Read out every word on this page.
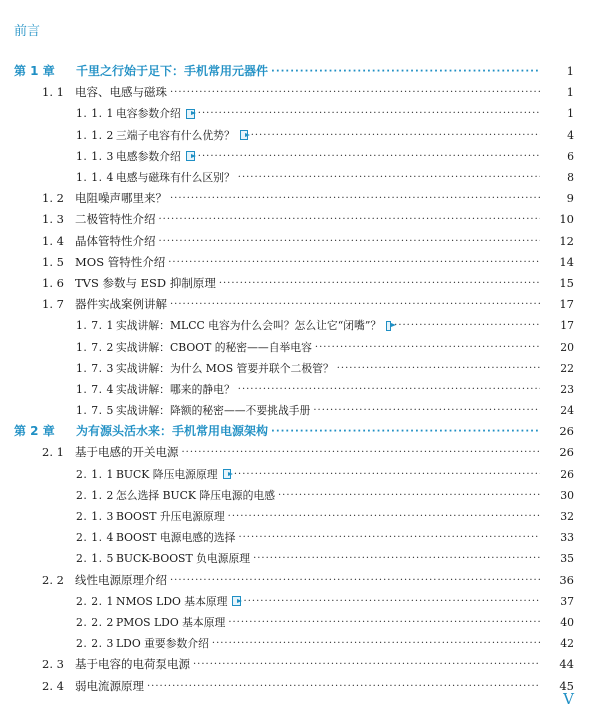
前言
第 1 章	千里之行始于足下：手机常用元器件 ·····	1
1. 1 电容、电感与磁珠 ·····	1
1. 1. 1 电容参数介绍 ·····	1
1. 1. 2 三端子电容有什么优势？ ·····	4
1. 1. 3 电感参数介绍 ·····	6
1. 1. 4 电感与磁珠有什么区别？ ·····	8
1. 2 电阻噪声哪里来？ ·····	9
1. 3 二极管特性介绍 ·····	10
1. 4 晶体管特性介绍 ·····	12
1. 5 MOS 管特性介绍 ·····	14
1. 6 TVS 参数与 ESD 抑制原理 ·····	15
1. 7 器件实战案例讲解 ·····	17
1. 7. 1 实战讲解：MLCC 电容为什么会叫？怎么让它“闭嘴”？ ·····	17
1. 7. 2 实战讲解：CBOOT 的秘密——自举电容 ·····	20
1. 7. 3 实战讲解：为什么 MOS 管要并联个二极管？ ·····	22
1. 7. 4 实战讲解：哪来的静电？ ·····	23
1. 7. 5 实战讲解：降额的秘密——不要挑战手册 ·····	24
第 2 章	为有源头活水来：手机常用电源架构 ·····	26
2. 1 基于电感的开关电源 ·····	26
2. 1. 1 BUCK 降压电源原理 ·····	26
2. 1. 2 怎么选择 BUCK 降压电源的电感 ·····	30
2. 1. 3 BOOST 升压电源原理 ·····	32
2. 1. 4 BOOST 电源电感的选择 ·····	33
2. 1. 5 BUCK-BOOST 负电源原理 ·····	35
2. 2 线性电源原理介绍 ·····	36
2. 2. 1 NMOS LDO 基本原理 ·····	37
2. 2. 2 PMOS LDO 基本原理 ·····	40
2. 2. 3 LDO 重要参数介绍 ·····	42
2. 3 基于电容的电荷泵电源 ·····	44
2. 4 弱电流源原理 ·····	45
V
